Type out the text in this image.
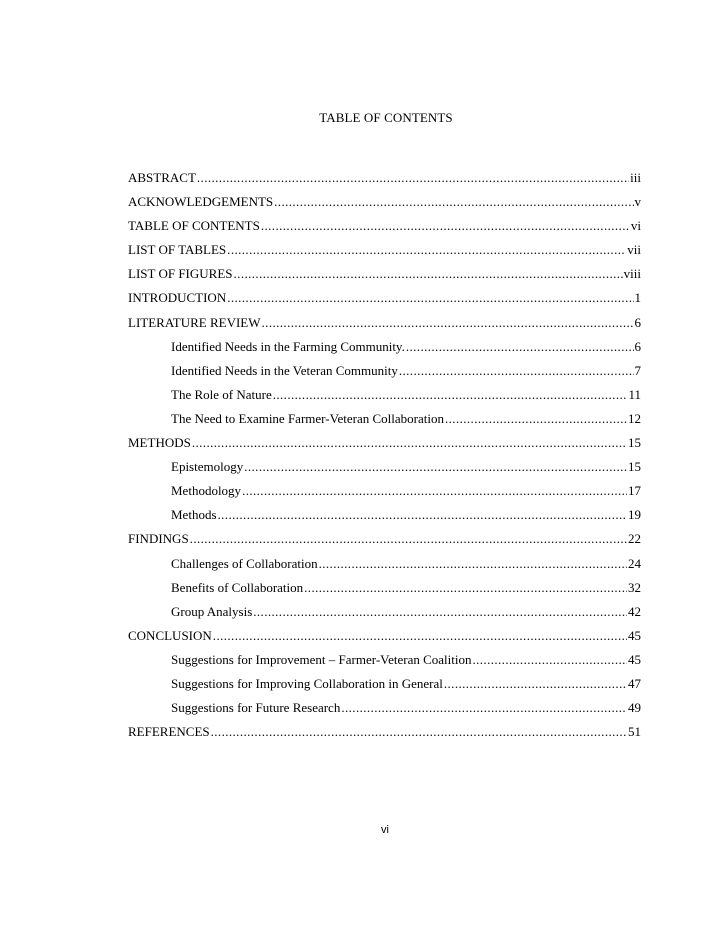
TABLE OF CONTENTS
ABSTRACT .....	iii
ACKNOWLEDGEMENTS .....	v
TABLE OF CONTENTS .....	vi
LIST OF TABLES .....	vii
LIST OF FIGURES .....	viii
INTRODUCTION .....	1
LITERATURE REVIEW .....	6
Identified Needs in the Farming Community. .....	6
Identified Needs in the Veteran Community .....	7
The Role of Nature .....	11
The Need to Examine Farmer-Veteran Collaboration .....	12
METHODS .....	15
Epistemology .....	15
Methodology .....	17
Methods .....	19
FINDINGS .....	22
Challenges of Collaboration .....	24
Benefits of Collaboration .....	32
Group Analysis .....	42
CONCLUSION .....	45
Suggestions for Improvement – Farmer-Veteran Coalition .....	45
Suggestions for Improving Collaboration in General .....	47
Suggestions for Future Research .....	49
REFERENCES .....	51
vi
